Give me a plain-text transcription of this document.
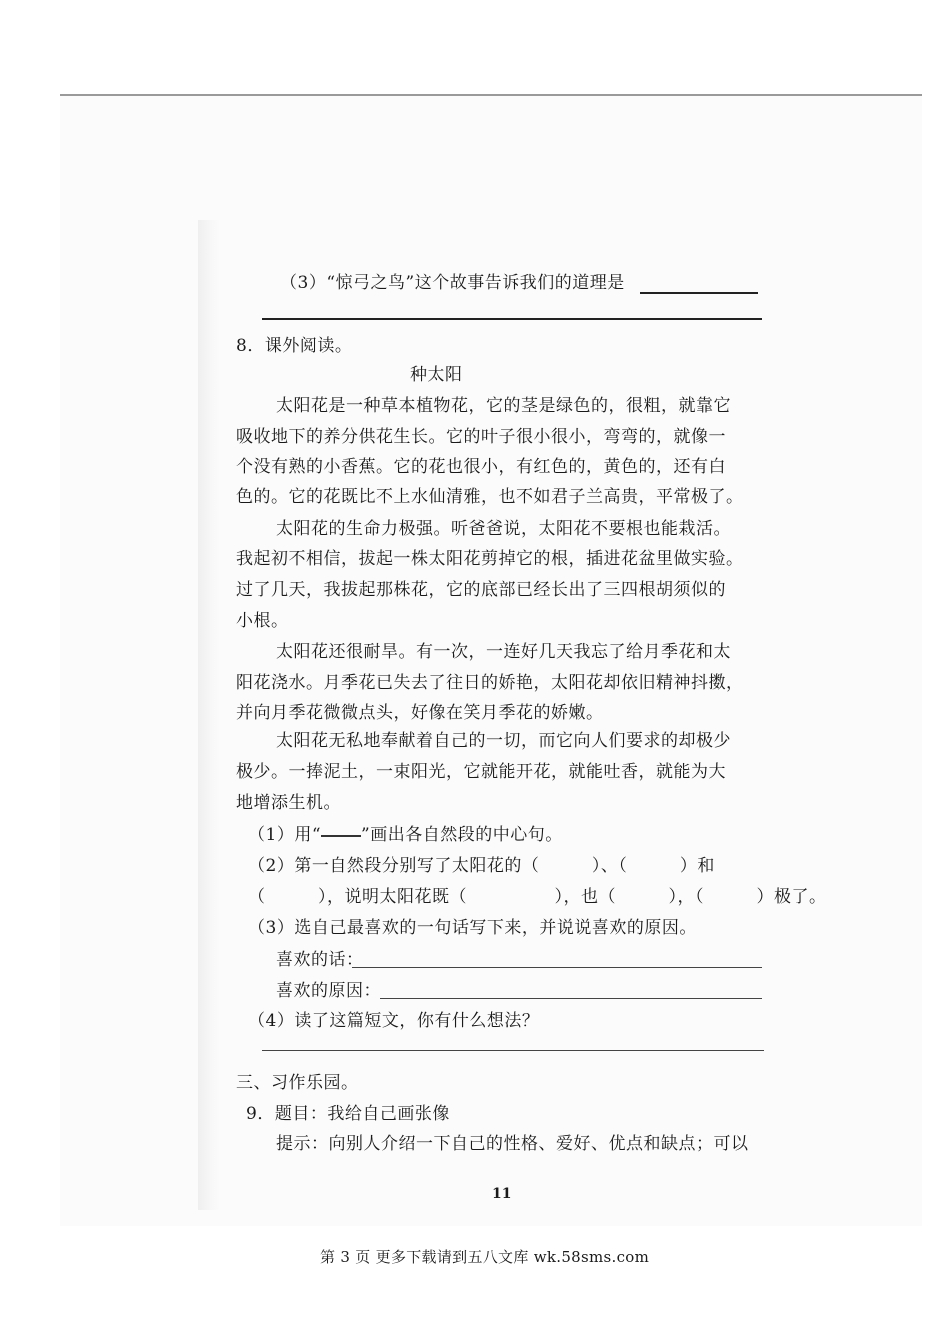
（3）“惊弓之鸟”这个故事告诉我们的道理是
8．课外阅读。
种太阳
太阳花是一种草本植物花，它的茎是绿色的，很粗，就靠它
吸收地下的养分供花生长。它的叶子很小很小，弯弯的，就像一
个没有熟的小香蕉。它的花也很小，有红色的，黄色的，还有白
色的。它的花既比不上水仙清雅，也不如君子兰高贵，平常极了。
太阳花的生命力极强。听爸爸说，太阳花不要根也能栽活。
我起初不相信，拔起一株太阳花剪掉它的根，插进花盆里做实验。
过了几天，我拔起那株花，它的底部已经长出了三四根胡须似的
小根。
太阳花还很耐旱。有一次，一连好几天我忘了给月季花和太
阳花浇水。月季花已失去了往日的娇艳，太阳花却依旧精神抖擞，
并向月季花微微点头，好像在笑月季花的娇嫩。
太阳花无私地奉献着自己的一切，而它向人们要求的却极少
极少。一捧泥土，一束阳光，它就能开花，就能吐香，就能为大
地增添生机。
（1）用“ ”画出各自然段的中心句。
（2）第一自然段分别写了太阳花的（　　　）、（　　　）和
（　　　），说明太阳花既（　　　　　），也（　　　），（　　　）极了。
（3）选自己最喜欢的一句话写下来，并说说喜欢的原因。
喜欢的话：
喜欢的原因：
（4）读了这篇短文，你有什么想法？
三、习作乐园。
9．题目：我给自己画张像
提示：向别人介绍一下自己的性格、爱好、优点和缺点；可以
11
第 3 页 更多下载请到五八文库 wk.58sms.com
